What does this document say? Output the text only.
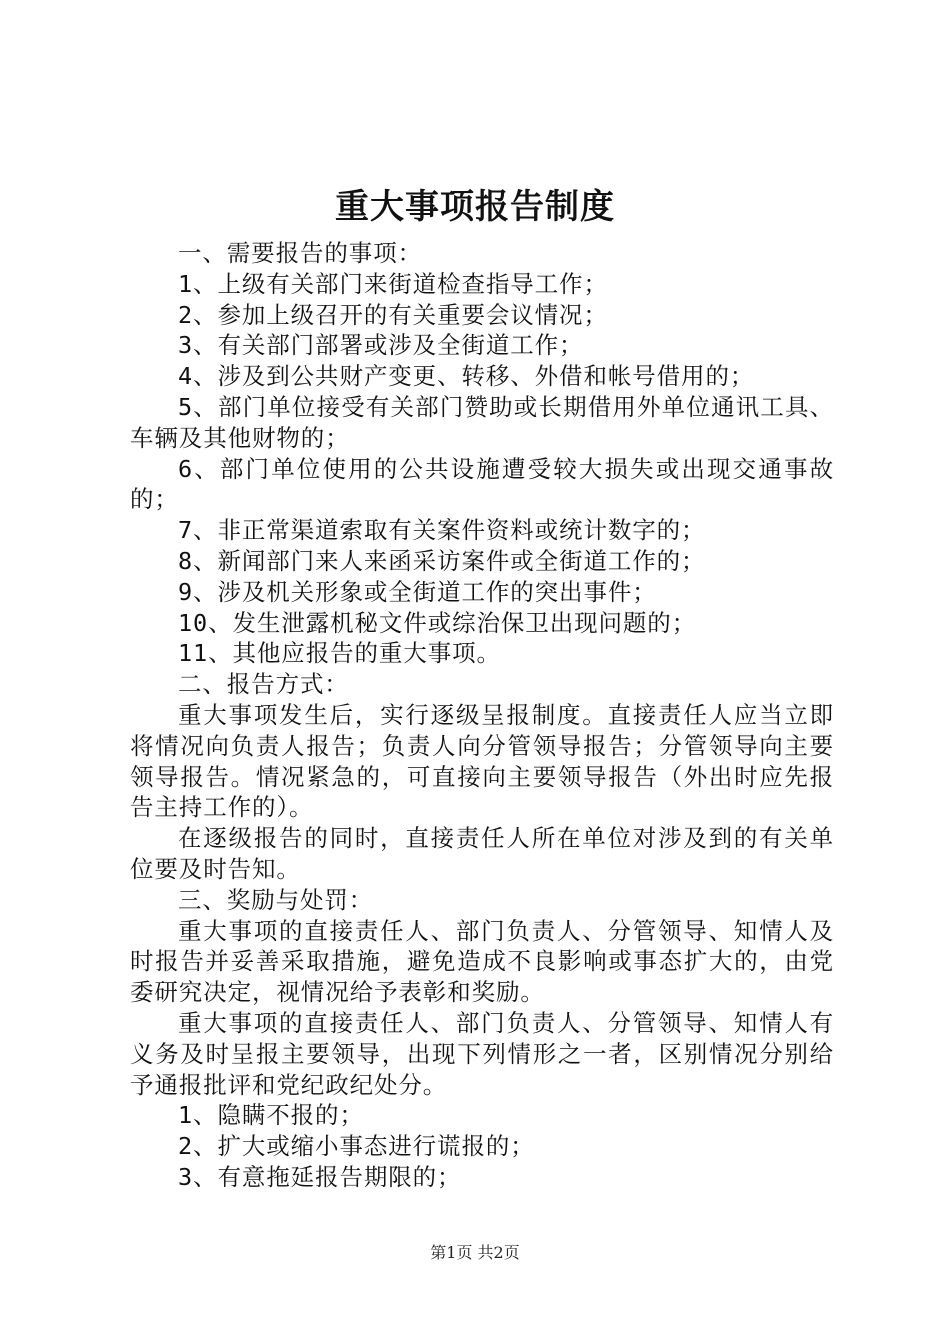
重大事项报告制度

一、需要报告的事项：

1、上级有关部门来街道检查指导工作；

2、参加上级召开的有关重要会议情况；

3、有关部门部署或涉及全街道工作；

4、涉及到公共财产变更、转移、外借和帐号借用的；

5、部门单位接受有关部门赞助或长期借用外单位通讯工具、车辆及其他财物的；

6、部门单位使用的公共设施遭受较大损失或出现交通事故的；

7、非正常渠道索取有关案件资料或统计数字的；

8、新闻部门来人来函采访案件或全街道工作的；

9、涉及机关形象或全街道工作的突出事件；

10、发生泄露机秘文件或综治保卫出现问题的；

11、其他应报告的重大事项。

二、报告方式：

重大事项发生后，实行逐级呈报制度。直接责任人应当立即将情况向负责人报告；负责人向分管领导报告；分管领导向主要领导报告。情况紧急的，可直接向主要领导报告（外出时应先报告主持工作的）。

在逐级报告的同时，直接责任人所在单位对涉及到的有关单位要及时告知。

三、奖励与处罚：

重大事项的直接责任人、部门负责人、分管领导、知情人及时报告并妥善采取措施，避免造成不良影响或事态扩大的，由党委研究决定，视情况给予表彰和奖励。

重大事项的直接责任人、部门负责人、分管领导、知情人有义务及时呈报主要领导，出现下列情形之一者，区别情况分别给予通报批评和党纪政纪处分。

1、隐瞒不报的；

2、扩大或缩小事态进行谎报的；

3、有意拖延报告期限的；

第1页 共2页
